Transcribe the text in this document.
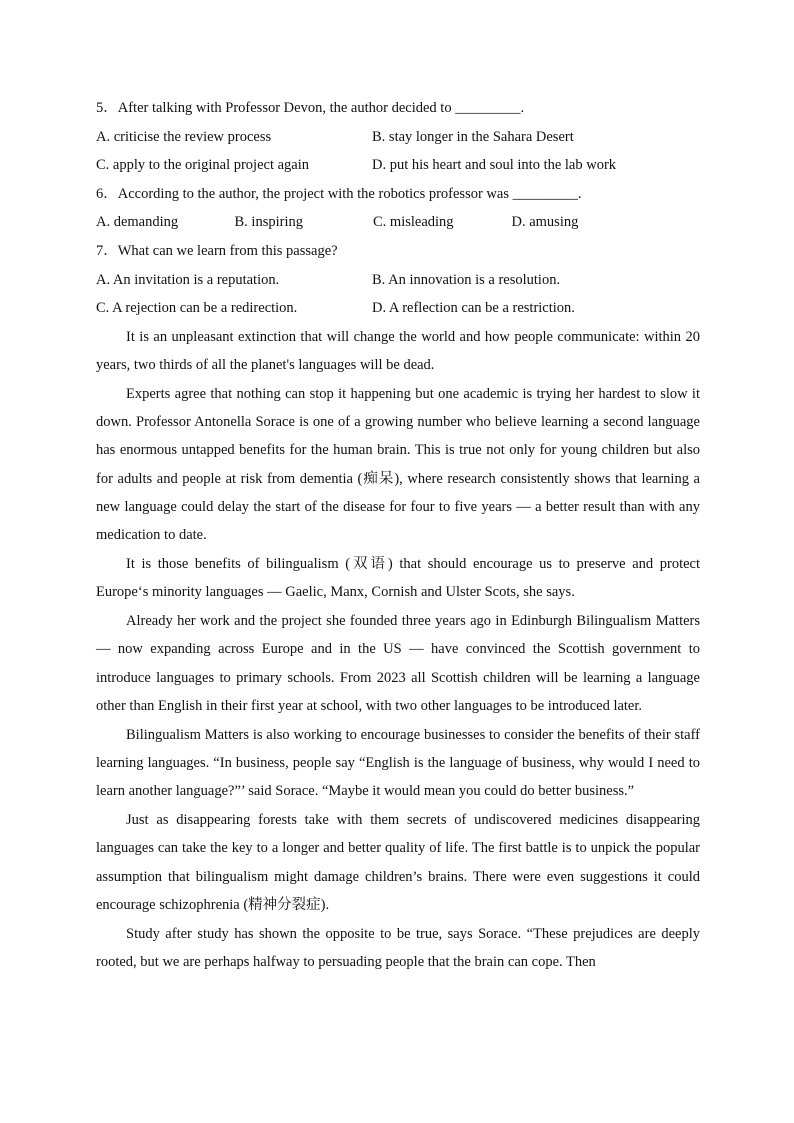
5．After talking with Professor Devon, the author decided to _________.
A. criticise the review process	B. stay longer in the Sahara Desert
C. apply to the original project again	D. put his heart and soul into the lab work
6．According to the author, the project with the robotics professor was _________.
A. demanding	B. inspiring	C. misleading	D. amusing
7．What can we learn from this passage?
A. An invitation is a reputation.	B. An innovation is a resolution.
C. A rejection can be a redirection.	D. A reflection can be a restriction.

It is an unpleasant extinction that will change the world and how people communicate: within 20 years, two thirds of all the planet's languages will be dead.

Experts agree that nothing can stop it happening but one academic is trying her hardest to slow it down. Professor Antonella Sorace is one of a growing number who believe learning a second language has enormous untapped benefits for the human brain. This is true not only for young children but also for adults and people at risk from dementia (痴呆), where research consistently shows that learning a new language could delay the start of the disease for four to five years — a better result than with any medication to date.

It is those benefits of bilingualism (双语) that should encourage us to preserve and protect Europe‘s minority languages — Gaelic, Manx, Cornish and Ulster Scots, she says.

Already her work and the project she founded three years ago in Edinburgh Bilingualism Matters — now expanding across Europe and in the US — have convinced the Scottish government to introduce languages to primary schools. From 2023 all Scottish children will be learning a language other than English in their first year at school, with two other languages to be introduced later.

Bilingualism Matters is also working to encourage businesses to consider the benefits of their staff learning languages. “In business, people say “English is the language of business, why would I need to learn another language?”’ said Sorace. “Maybe it would mean you could do better business.”

Just as disappearing forests take with them secrets of undiscovered medicines disappearing languages can take the key to a longer and better quality of life. The first battle is to unpick the popular assumption that bilingualism might damage children’s brains. There were even suggestions it could encourage schizophrenia (精神分裂症).

Study after study has shown the opposite to be true, says Sorace. “These prejudices are deeply rooted, but we are perhaps halfway to persuading people that the brain can cope. Then
